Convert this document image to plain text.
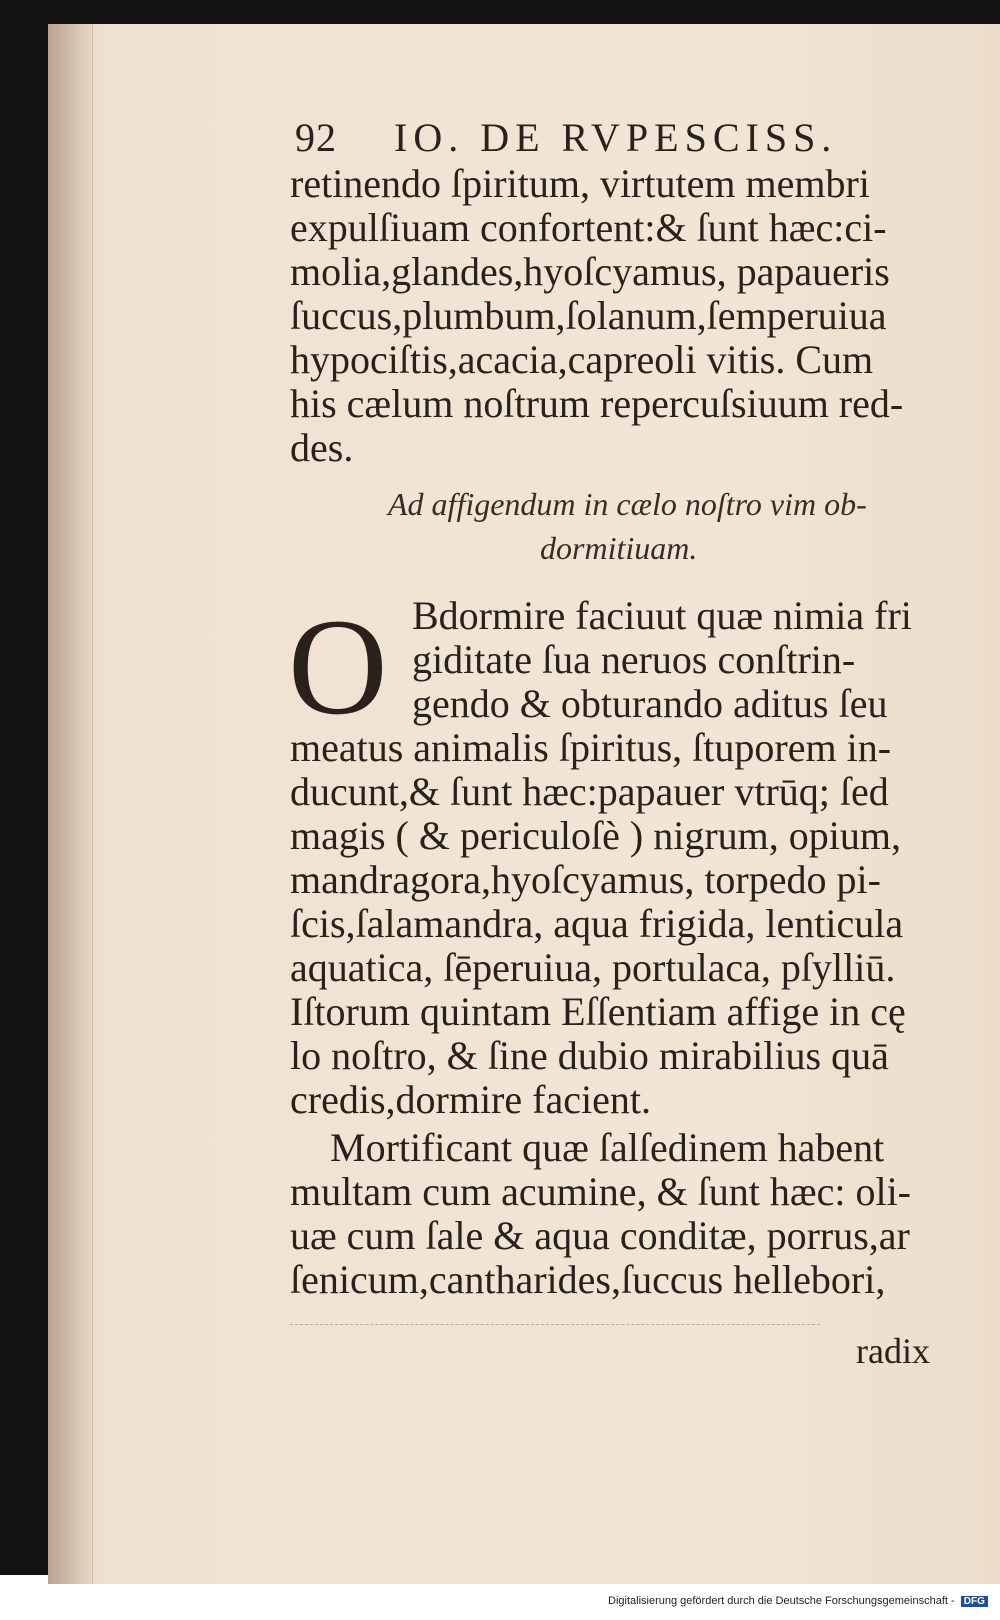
92 IO. DE RVPESCISS.
retinendo ſpiritum, virtutem membri
expulſiuam confortent:& ſunt hæc:ci-
molia,glandes,hyoſcyamus, papaueris
ſuccus,plumbum,ſolanum,ſemperuiua
hypociſtis,acacia,capreoli vitis. Cum
his cælum noſtrum repercuſsiuum red-
des.
Ad affigendum in cælo noſtro vim ob-
dormitiuam.
O Bdormire faciuut quæ nimia fri
giditate ſua neruos conſtrin-
gendo & obturando aditus ſeu
meatus animalis ſpiritus, ſtuporem in-
ducunt,& ſunt hæc:papauer vtrūq; ſed
magis ( & periculoſè ) nigrum, opium,
mandragora,hyoſcyamus, torpedo pi-
ſcis,ſalamandra, aqua frigida, lenticula
aquatica, ſēperuiua, portulaca, pſylliū.
Iſtorum quintam Eſſentiam affige in cę
lo noſtro, & ſine dubio mirabilius quā
credis,dormire facient.
Mortificant quæ ſalſedinem habent
multam cum acumine, & ſunt hæc: oli-
uæ cum ſale & aqua conditæ, porrus,ar
ſenicum,cantharides,ſuccus hellebori,
radix
Digitalisierung gefördert durch die Deutsche Forschungsgemeinschaft - DFG
